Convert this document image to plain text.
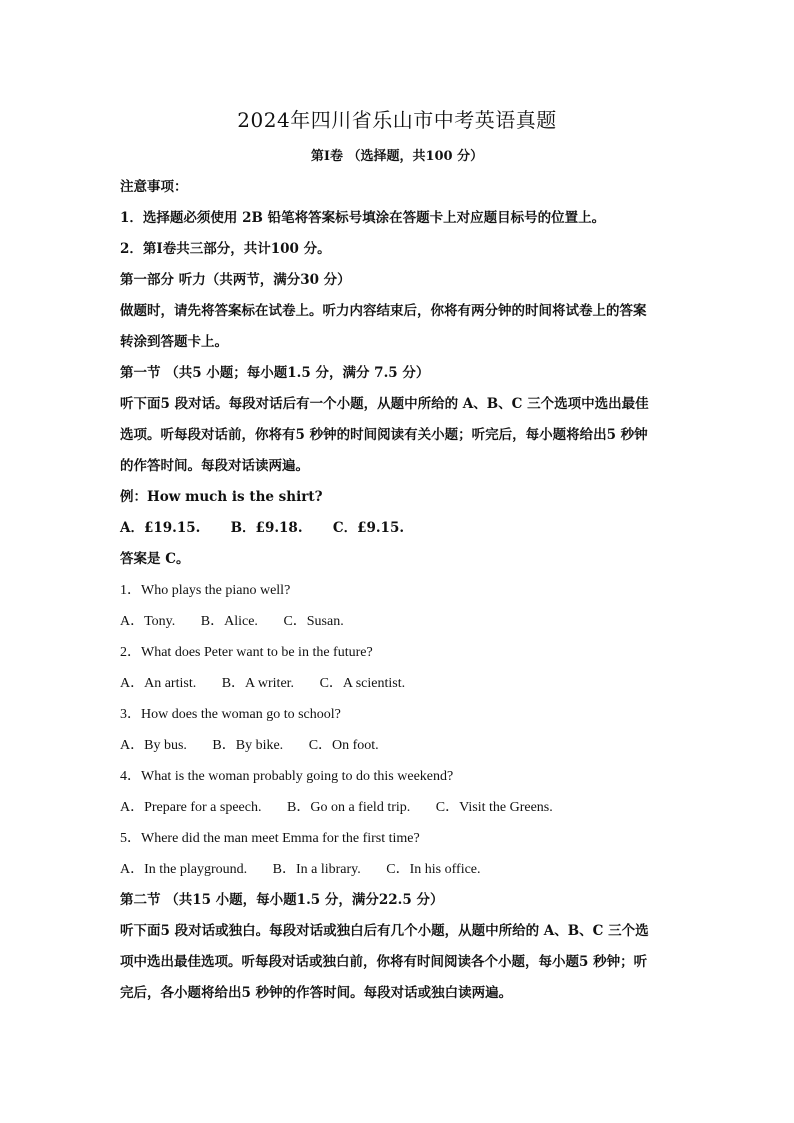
2024年四川省乐山市中考英语真题
第Ⅰ卷 （选择题，共100 分）
注意事项：
1．选择题必须使用 2B 铅笔将答案标号填涂在答题卡上对应题目标号的位置上。
2．第Ⅰ卷共三部分，共计100 分。
第一部分 听力（共两节，满分30 分）
做题时，请先将答案标在试卷上。听力内容结束后，你将有两分钟的时间将试卷上的答案
转涂到答题卡上。
第一节 （共5 小题；每小题1.5 分，满分 7.5 分）
听下面5 段对话。每段对话后有一个小题，从题中所给的 A、B、C 三个选项中选出最佳
选项。听每段对话前，你将有5 秒钟的时间阅读有关小题；听完后，每小题将给出5 秒钟
的作答时间。每段对话读两遍。
例：How much is the shirt?
A．£19.15. B．£9.18. C．£9.15.
答案是 C。
1．Who plays the piano well?
A．Tony. B．Alice. C．Susan.
2．What does Peter want to be in the future?
A．An artist. B．A writer. C．A scientist.
3．How does the woman go to school?
A．By bus. B．By bike. C．On foot.
4．What is the woman probably going to do this weekend?
A．Prepare for a speech. B．Go on a field trip. C．Visit the Greens.
5．Where did the man meet Emma for the first time?
A．In the playground. B．In a library. C．In his office.
第二节 （共15 小题，每小题1.5 分，满分22.5 分）
听下面5 段对话或独白。每段对话或独白后有几个小题，从题中所给的 A、B、C 三个选
项中选出最佳选项。听每段对话或独白前，你将有时间阅读各个小题，每小题5 秒钟；听
完后，各小题将给出5 秒钟的作答时间。每段对话或独白读两遍。
